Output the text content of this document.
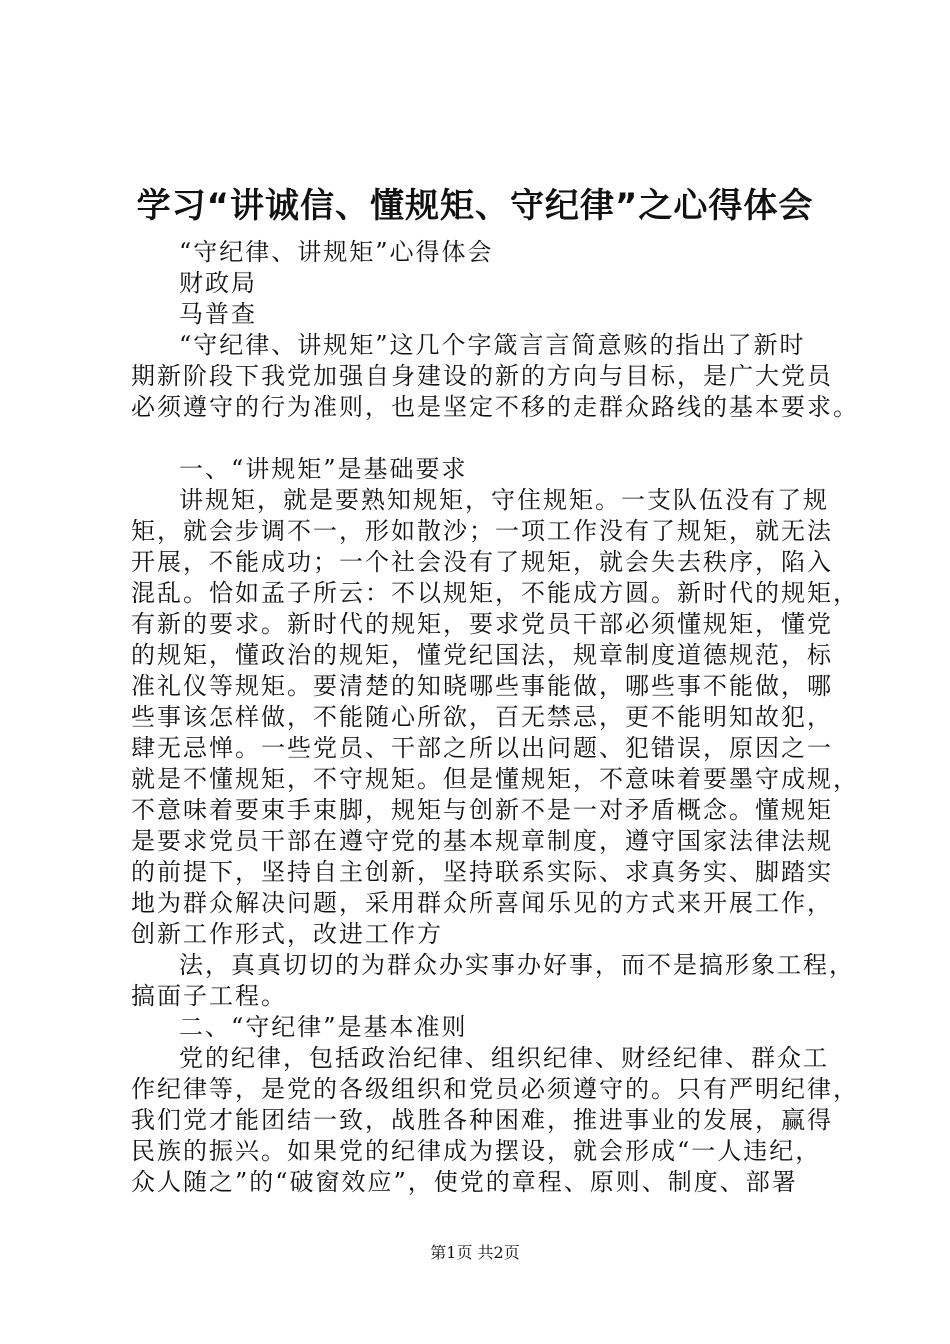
学习“讲诚信、懂规矩、守纪律”之心得体会
“守纪律、讲规矩”心得体会
财政局
马普查
“守纪律、讲规矩”这几个字箴言言简意赅的指出了新时
期新阶段下我党加强自身建设的新的方向与目标，是广大党员
必须遵守的行为准则，也是坚定不移的走群众路线的基本要求。
一、“讲规矩”是基础要求
讲规矩，就是要熟知规矩，守住规矩。一支队伍没有了规
矩，就会步调不一，形如散沙；一项工作没有了规矩，就无法
开展，不能成功；一个社会没有了规矩，就会失去秩序，陷入
混乱。恰如孟子所云：不以规矩，不能成方圆。新时代的规矩，
有新的要求。新时代的规矩，要求党员干部必须懂规矩，懂党
的规矩，懂政治的规矩，懂党纪国法，规章制度道德规范，标
准礼仪等规矩。要清楚的知晓哪些事能做，哪些事不能做，哪
些事该怎样做，不能随心所欲，百无禁忌，更不能明知故犯，
肆无忌惮。一些党员、干部之所以出问题、犯错误，原因之一
就是不懂规矩，不守规矩。但是懂规矩，不意味着要墨守成规，
不意味着要束手束脚，规矩与创新不是一对矛盾概念。懂规矩
是要求党员干部在遵守党的基本规章制度，遵守国家法律法规
的前提下，坚持自主创新，坚持联系实际、求真务实、脚踏实
地为群众解决问题，采用群众所喜闻乐见的方式来开展工作，
创新工作形式，改进工作方
法，真真切切的为群众办实事办好事，而不是搞形象工程，
搞面子工程。
二、“守纪律”是基本准则
党的纪律，包括政治纪律、组织纪律、财经纪律、群众工
作纪律等，是党的各级组织和党员必须遵守的。只有严明纪律，
我们党才能团结一致，战胜各种困难，推进事业的发展，赢得
民族的振兴。如果党的纪律成为摆设，就会形成“一人违纪，
众人随之”的“破窗效应”，使党的章程、原则、制度、部署
第1页 共2页
